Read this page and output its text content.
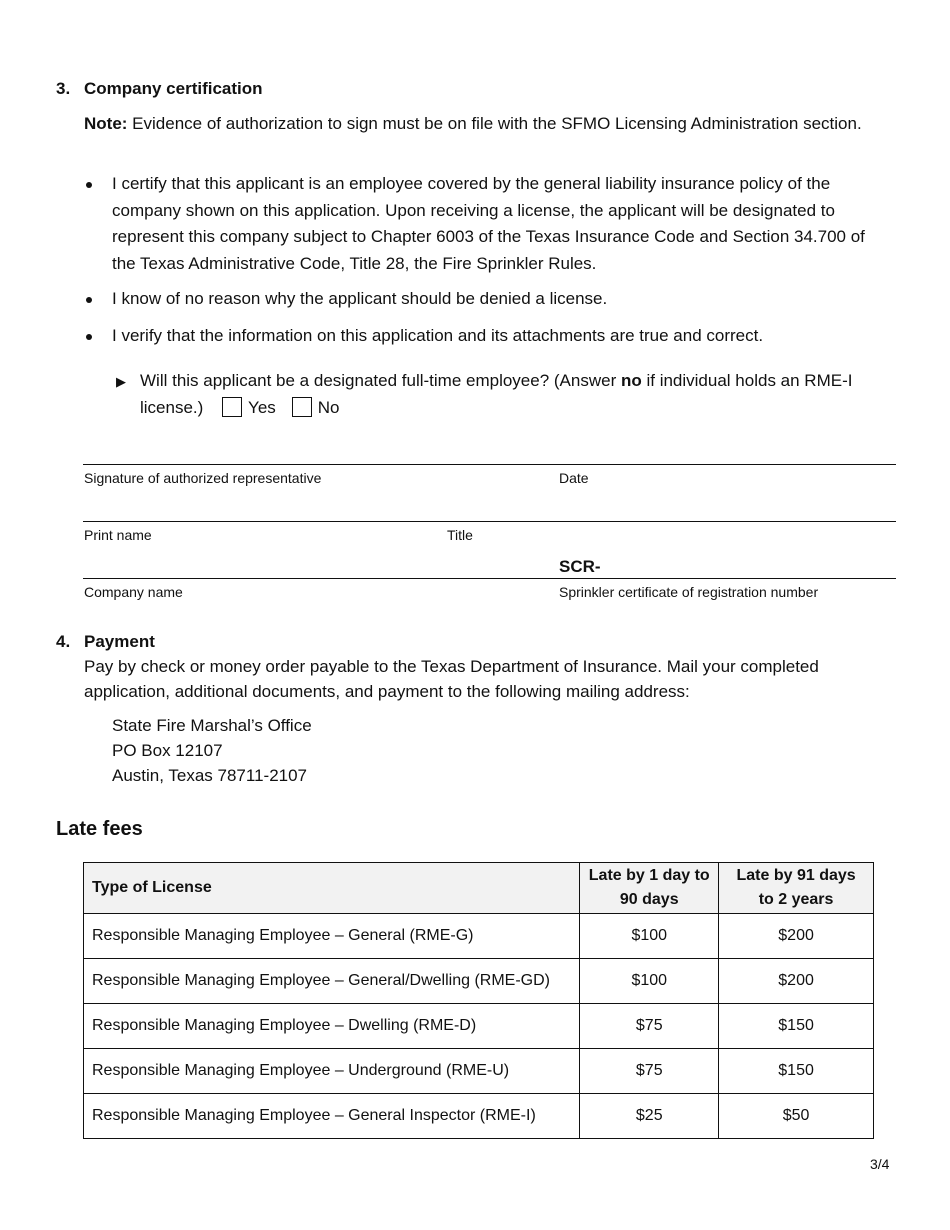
3. Company certification
Note: Evidence of authorization to sign must be on file with the SFMO Licensing Administration section.
I certify that this applicant is an employee covered by the general liability insurance policy of the company shown on this application. Upon receiving a license, the applicant will be designated to represent this company subject to Chapter 6003 of the Texas Insurance Code and Section 34.700 of the Texas Administrative Code, Title 28, the Fire Sprinkler Rules.
I know of no reason why the applicant should be denied a license.
I verify that the information on this application and its attachments are true and correct.
▶ Will this applicant be a designated full-time employee? (Answer no if individual holds an RME-I license.)	Yes No
Signature of authorized representative	Date
Print name	Title
SCR-
Company name	Sprinkler certificate of registration number
4. Payment
Pay by check or money order payable to the Texas Department of Insurance. Mail your completed application, additional documents, and payment to the following mailing address:
State Fire Marshal’s Office
PO Box 12107
Austin, Texas 78711-2107
Late fees
Type of License	Late by 1 day to 90 days	Late by 91 days to 2 years
Responsible Managing Employee – General (RME-G)	$100	$200
Responsible Managing Employee – General/Dwelling (RME-GD)	$100	$200
Responsible Managing Employee – Dwelling (RME-D)	$75	$150
Responsible Managing Employee – Underground (RME-U)	$75	$150
Responsible Managing Employee – General Inspector (RME-I)	$25	$50
3/4
